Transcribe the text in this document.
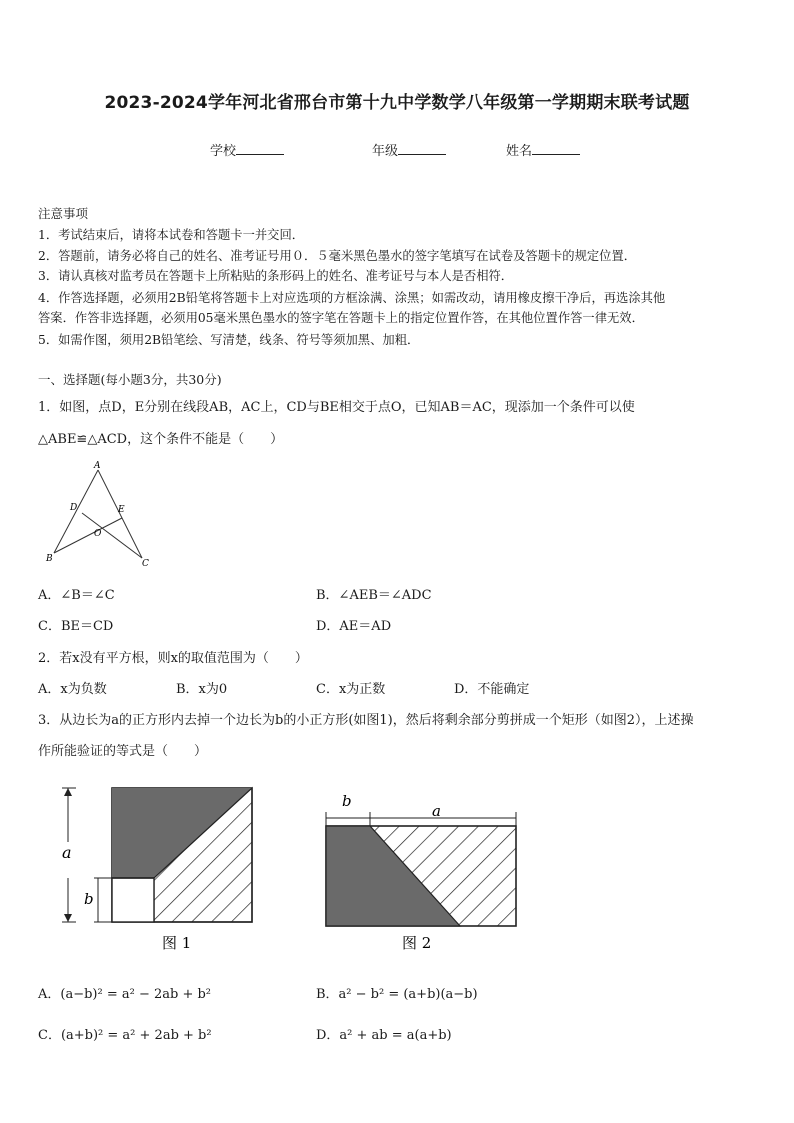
2023-2024学年河北省邢台市第十九中学数学八年级第一学期期末联考试题
学校	年级	姓名
注意事项
1．考试结束后，请将本试卷和答题卡一并交回．
2．答题前，请务必将自己的姓名、准考证号用０．５毫米黑色墨水的签字笔填写在试卷及答题卡的规定位置．
3．请认真核对监考员在答题卡上所粘贴的条形码上的姓名、准考证号与本人是否相符．
4．作答选择题，必须用2B铅笔将答题卡上对应选项的方框涂满、涂黑；如需改动，请用橡皮擦干净后，再选涂其他
答案．作答非选择题，必须用05毫米黑色墨水的签字笔在答题卡上的指定位置作答，在其他位置作答一律无效．
5．如需作图，须用2B铅笔绘、写清楚，线条、符号等须加黑、加粗．
一、选择题(每小题3分，共30分)
1．如图，点D，E分别在线段AB，AC上，CD与BE相交于点O，已知AB＝AC，现添加一个条件可以使
△ABE≌△ACD，这个条件不能是（　　）
A
D	E
O
B	C
A．∠B＝∠C	B．∠AEB＝∠ADC
C．BE＝CD	D．AE＝AD
2．若x没有平方根，则x的取值范围为（　　）
A．x为负数	B．x为0	C．x为正数	D．不能确定
3．从边长为a的正方形内去掉一个边长为b的小正方形(如图1)，然后将剩余部分剪拼成一个矩形（如图2），上述操
作所能验证的等式是（　　）
a
b
图 1
b
a
图 2
A．(a−b)² = a² − 2ab + b²	B．a² − b² = (a+b)(a−b)
C．(a+b)² = a² + 2ab + b²	D．a² + ab = a(a+b)
